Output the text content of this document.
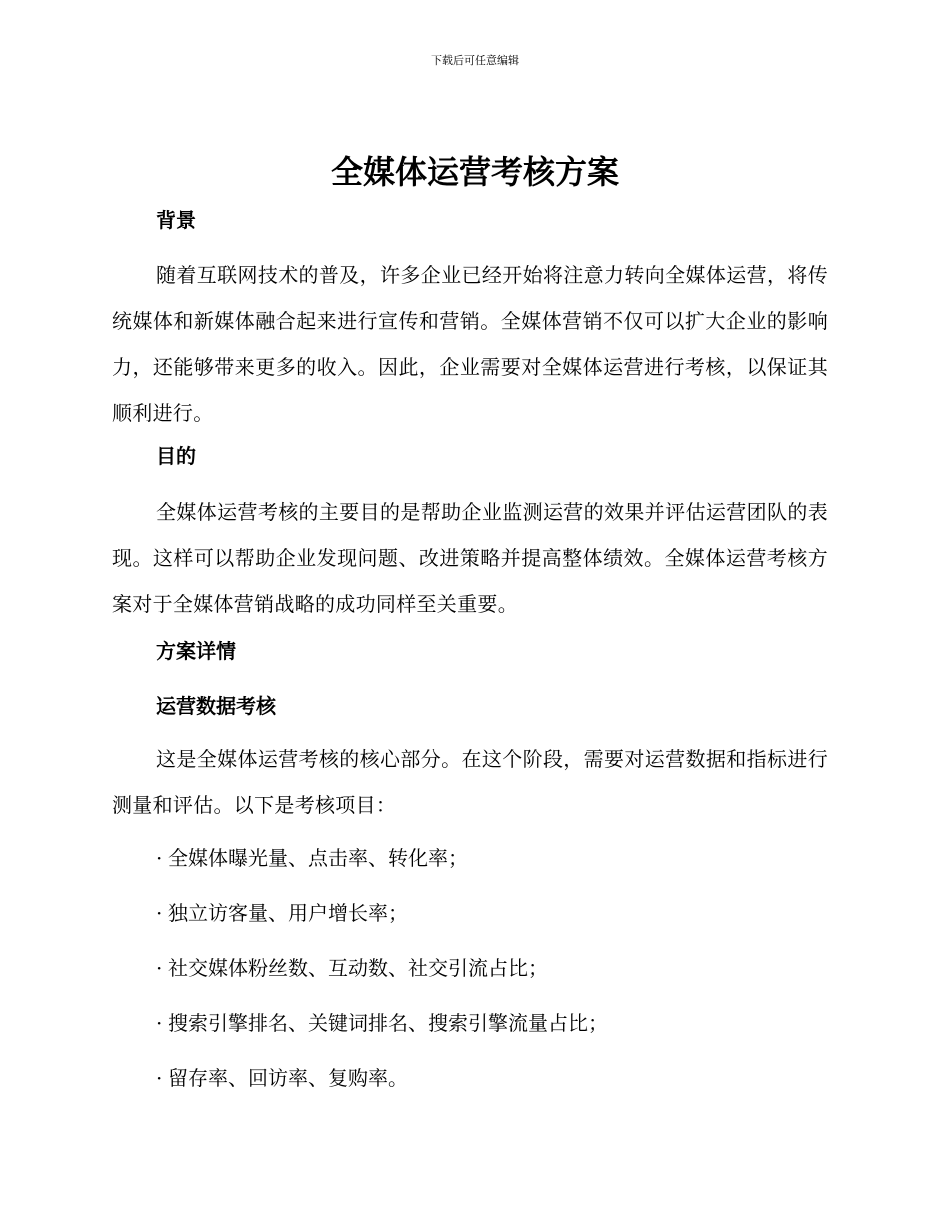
下载后可任意编辑
全媒体运营考核方案
背景

随着互联网技术的普及，许多企业已经开始将注意力转向全媒体运营，将传统媒体和新媒体融合起来进行宣传和营销。全媒体营销不仅可以扩大企业的影响力，还能够带来更多的收入。因此，企业需要对全媒体运营进行考核，以保证其顺利进行。

目的

全媒体运营考核的主要目的是帮助企业监测运营的效果并评估运营团队的表现。这样可以帮助企业发现问题、改进策略并提高整体绩效。全媒体运营考核方案对于全媒体营销战略的成功同样至关重要。

方案详情
运营数据考核

这是全媒体运营考核的核心部分。在这个阶段，需要对运营数据和指标进行测量和评估。以下是考核项目：

· 全媒体曝光量、点击率、转化率；
· 独立访客量、用户增长率；
· 社交媒体粉丝数、互动数、社交引流占比；
· 搜索引擎排名、关键词排名、搜索引擎流量占比；
· 留存率、回访率、复购率。
